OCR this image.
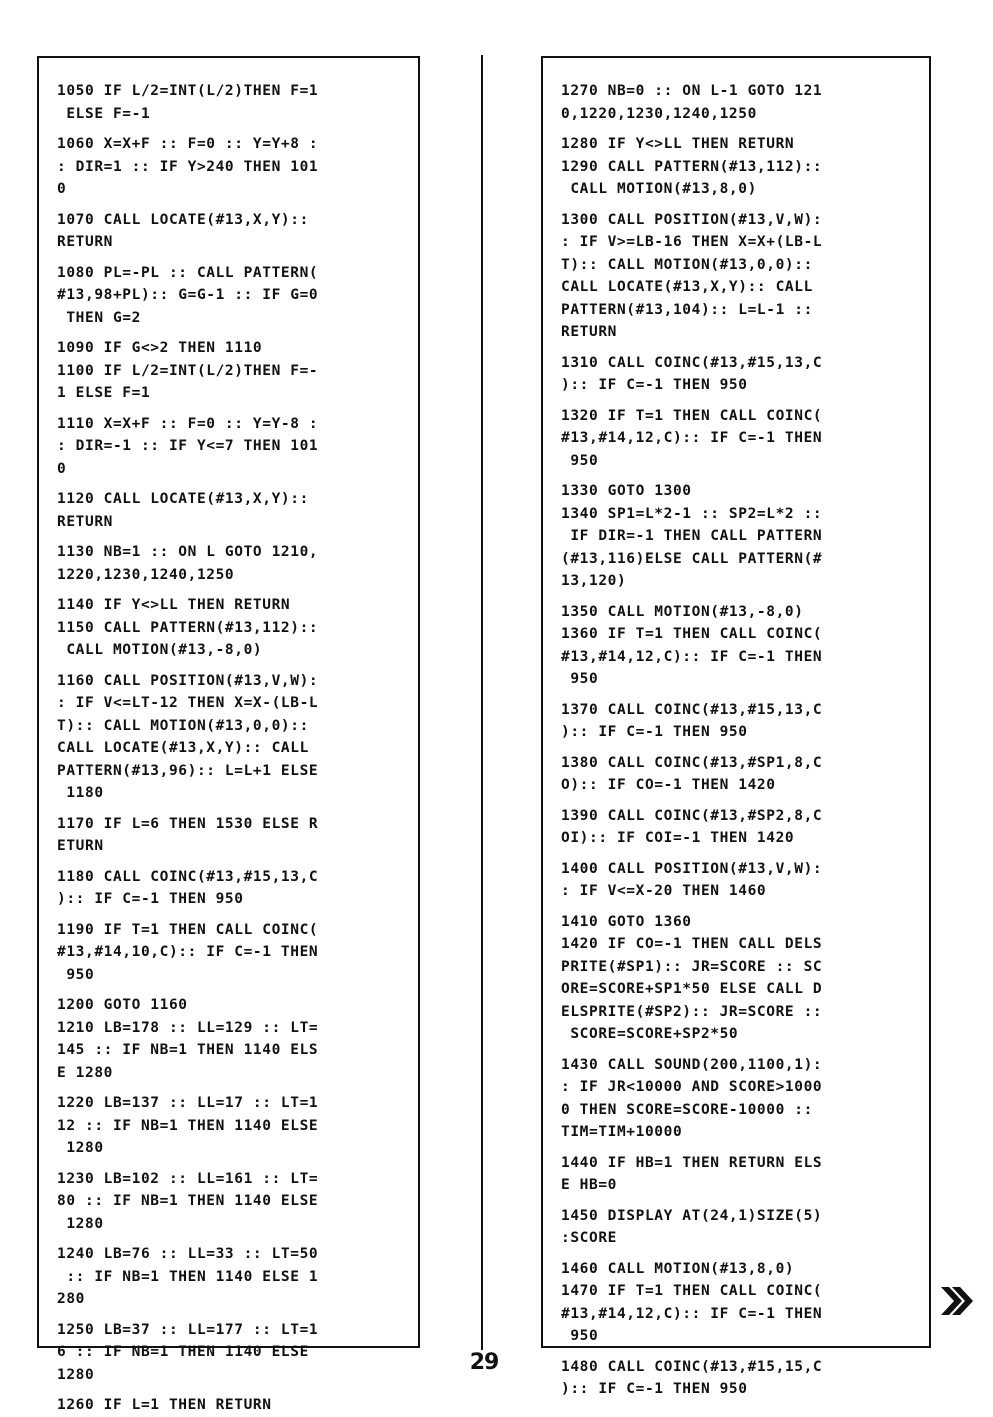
1050 IF L/2=INT(L/2)THEN F=1
ELSE F=-1
1060 X=X+F :: F=0 :: Y=Y+8 :
: DIR=1 :: IF Y>240 THEN 101
0
1070 CALL LOCATE(#13,X,Y)::
RETURN
1080 PL=-PL :: CALL PATTERN(
#13,98+PL):: G=G-1 :: IF G=0
THEN G=2
1090 IF G<>2 THEN 1110
1100 IF L/2=INT(L/2)THEN F=-
1 ELSE F=1
1110 X=X+F :: F=0 :: Y=Y-8 :
: DIR=-1 :: IF Y<=7 THEN 101
0
1120 CALL LOCATE(#13,X,Y)::
RETURN
1130 NB=1 :: ON L GOTO 1210,
1220,1230,1240,1250
1140 IF Y<>LL THEN RETURN
1150 CALL PATTERN(#13,112)::
CALL MOTION(#13,-8,0)
1160 CALL POSITION(#13,V,W):
: IF V<=LT-12 THEN X=X-(LB-L
T):: CALL MOTION(#13,0,0)::
CALL LOCATE(#13,X,Y):: CALL
PATTERN(#13,96):: L=L+1 ELSE
1180
1170 IF L=6 THEN 1530 ELSE R
ETURN
1180 CALL COINC(#13,#15,13,C
):: IF C=-1 THEN 950
1190 IF T=1 THEN CALL COINC(
#13,#14,10,C):: IF C=-1 THEN
950
1200 GOTO 1160
1210 LB=178 :: LL=129 :: LT=
145 :: IF NB=1 THEN 1140 ELS
E 1280
1220 LB=137 :: LL=17 :: LT=1
12 :: IF NB=1 THEN 1140 ELSE
1280
1230 LB=102 :: LL=161 :: LT=
80 :: IF NB=1 THEN 1140 ELSE
1280
1240 LB=76 :: LL=33 :: LT=50
:: IF NB=1 THEN 1140 ELSE 1
280
1250 LB=37 :: LL=177 :: LT=1
6 :: IF NB=1 THEN 1140 ELSE
1280
1260 IF L=1 THEN RETURN
1270 NB=0 :: ON L-1 GOTO 121
0,1220,1230,1240,1250
1280 IF Y<>LL THEN RETURN
1290 CALL PATTERN(#13,112)::
CALL MOTION(#13,8,0)
1300 CALL POSITION(#13,V,W):
: IF V>=LB-16 THEN X=X+(LB-L
T):: CALL MOTION(#13,0,0)::
CALL LOCATE(#13,X,Y):: CALL
PATTERN(#13,104):: L=L-1 ::
RETURN
1310 CALL COINC(#13,#15,13,C
):: IF C=-1 THEN 950
1320 IF T=1 THEN CALL COINC(
#13,#14,12,C):: IF C=-1 THEN
950
1330 GOTO 1300
1340 SP1=L*2-1 :: SP2=L*2 ::
IF DIR=-1 THEN CALL PATTERN
(#13,116)ELSE CALL PATTERN(#
13,120)
1350 CALL MOTION(#13,-8,0)
1360 IF T=1 THEN CALL COINC(
#13,#14,12,C):: IF C=-1 THEN
950
1370 CALL COINC(#13,#15,13,C
):: IF C=-1 THEN 950
1380 CALL COINC(#13,#SP1,8,C
O):: IF CO=-1 THEN 1420
1390 CALL COINC(#13,#SP2,8,C
OI):: IF COI=-1 THEN 1420
1400 CALL POSITION(#13,V,W):
: IF V<=X-20 THEN 1460
1410 GOTO 1360
1420 IF CO=-1 THEN CALL DELS
PRITE(#SP1):: JR=SCORE :: SC
ORE=SCORE+SP1*50 ELSE CALL D
ELSPRITE(#SP2):: JR=SCORE ::
SCORE=SCORE+SP2*50
1430 CALL SOUND(200,1100,1):
: IF JR<10000 AND SCORE>1000
0 THEN SCORE=SCORE-10000 ::
TIM=TIM+10000
1440 IF HB=1 THEN RETURN ELS
E HB=0
1450 DISPLAY AT(24,1)SIZE(5)
:SCORE
1460 CALL MOTION(#13,8,0)
1470 IF T=1 THEN CALL COINC(
#13,#14,12,C):: IF C=-1 THEN
950
1480 CALL COINC(#13,#15,15,C
):: IF C=-1 THEN 950
29
